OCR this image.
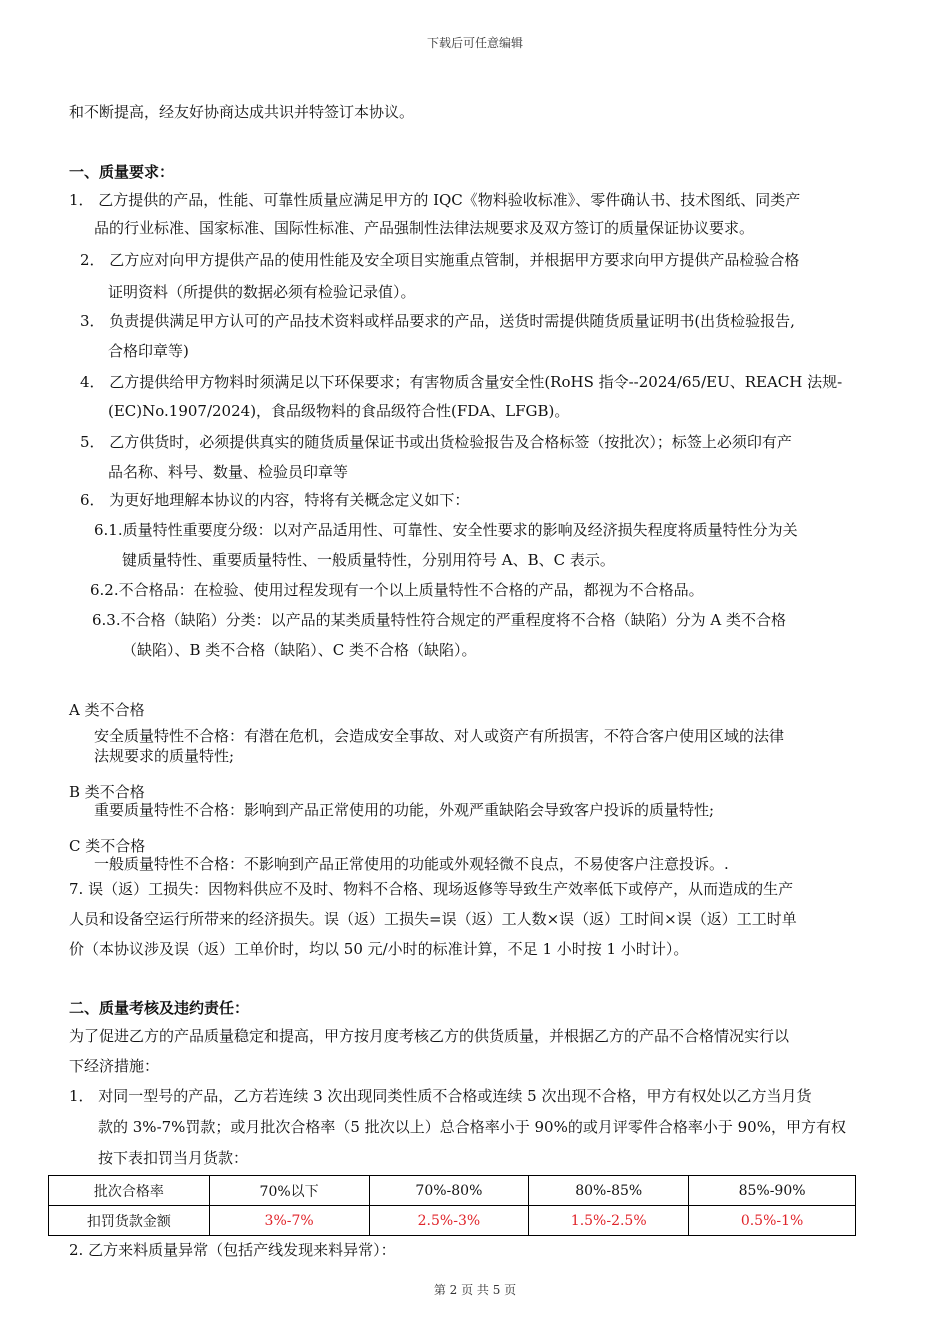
下载后可任意编辑
和不断提高，经友好协商达成共识并特签订本协议。
一、质量要求：
1． 乙方提供的产品，性能、可靠性质量应满足甲方的 IQC《物料验收标准》、零件确认书、技术图纸、同类产
品的行业标准、国家标准、国际性标准、产品强制性法律法规要求及双方签订的质量保证协议要求。
2． 乙方应对向甲方提供产品的使用性能及安全项目实施重点管制，并根据甲方要求向甲方提供产品检验合格
证明资料（所提供的数据必须有检验记录值）。
3． 负责提供满足甲方认可的产品技术资料或样品要求的产品，送货时需提供随货质量证明书(出货检验报告,
合格印章等)
4． 乙方提供给甲方物料时须满足以下环保要求；有害物质含量安全性(RoHS 指令--2024/65/EU、REACH 法规-
(EC)No.1907/2024)，食品级物料的食品级符合性(FDA、LFGB)。
5． 乙方供货时，必须提供真实的随货质量保证书或出货检验报告及合格标签（按批次）；标签上必须印有产
品名称、料号、数量、检验员印章等
6． 为更好地理解本协议的内容，特将有关概念定义如下：
6.1.质量特性重要度分级：以对产品适用性、可靠性、安全性要求的影响及经济损失程度将质量特性分为关
键质量特性、重要质量特性、一般质量特性，分别用符号 A、B、C 表示。
6.2.不合格品：在检验、使用过程发现有一个以上质量特性不合格的产品，都视为不合格品。
6.3.不合格（缺陷）分类：以产品的某类质量特性符合规定的严重程度将不合格（缺陷）分为 A 类不合格
（缺陷）、B 类不合格（缺陷）、C 类不合格（缺陷）。
A 类不合格
安全质量特性不合格：有潜在危机，会造成安全事故、对人或资产有所损害，不符合客户使用区域的法律
法规要求的质量特性;
B 类不合格
重要质量特性不合格：影响到产品正常使用的功能，外观严重缺陷会导致客户投诉的质量特性;
C 类不合格
一般质量特性不合格：不影响到产品正常使用的功能或外观轻微不良点，不易使客户注意投诉。.
7. 误（返）工损失：因物料供应不及时、物料不合格、现场返修等导致生产效率低下或停产，从而造成的生产
人员和设备空运行所带来的经济损失。误（返）工损失=误（返）工人数×误（返）工时间×误（返）工工时单
价（本协议涉及误（返）工单价时，均以 50 元/小时的标准计算，不足 1 小时按 1 小时计）。
二、质量考核及违约责任：
为了促进乙方的产品质量稳定和提高，甲方按月度考核乙方的供货质量，并根据乙方的产品不合格情况实行以
下经济措施：
1． 对同一型号的产品，乙方若连续 3 次出现同类性质不合格或连续 5 次出现不合格，甲方有权处以乙方当月货
款的 3%-7%罚款；或月批次合格率（5 批次以上）总合格率小于 90%的或月评零件合格率小于 90%，甲方有权
按下表扣罚当月货款：
批次合格率	70%以下	70%-80%	80%-85%	85%-90%
扣罚货款金额	3%-7%	2.5%-3%	1.5%-2.5%	0.5%-1%
2. 乙方来料质量异常（包括产线发现来料异常）：
第 2 页 共 5 页
